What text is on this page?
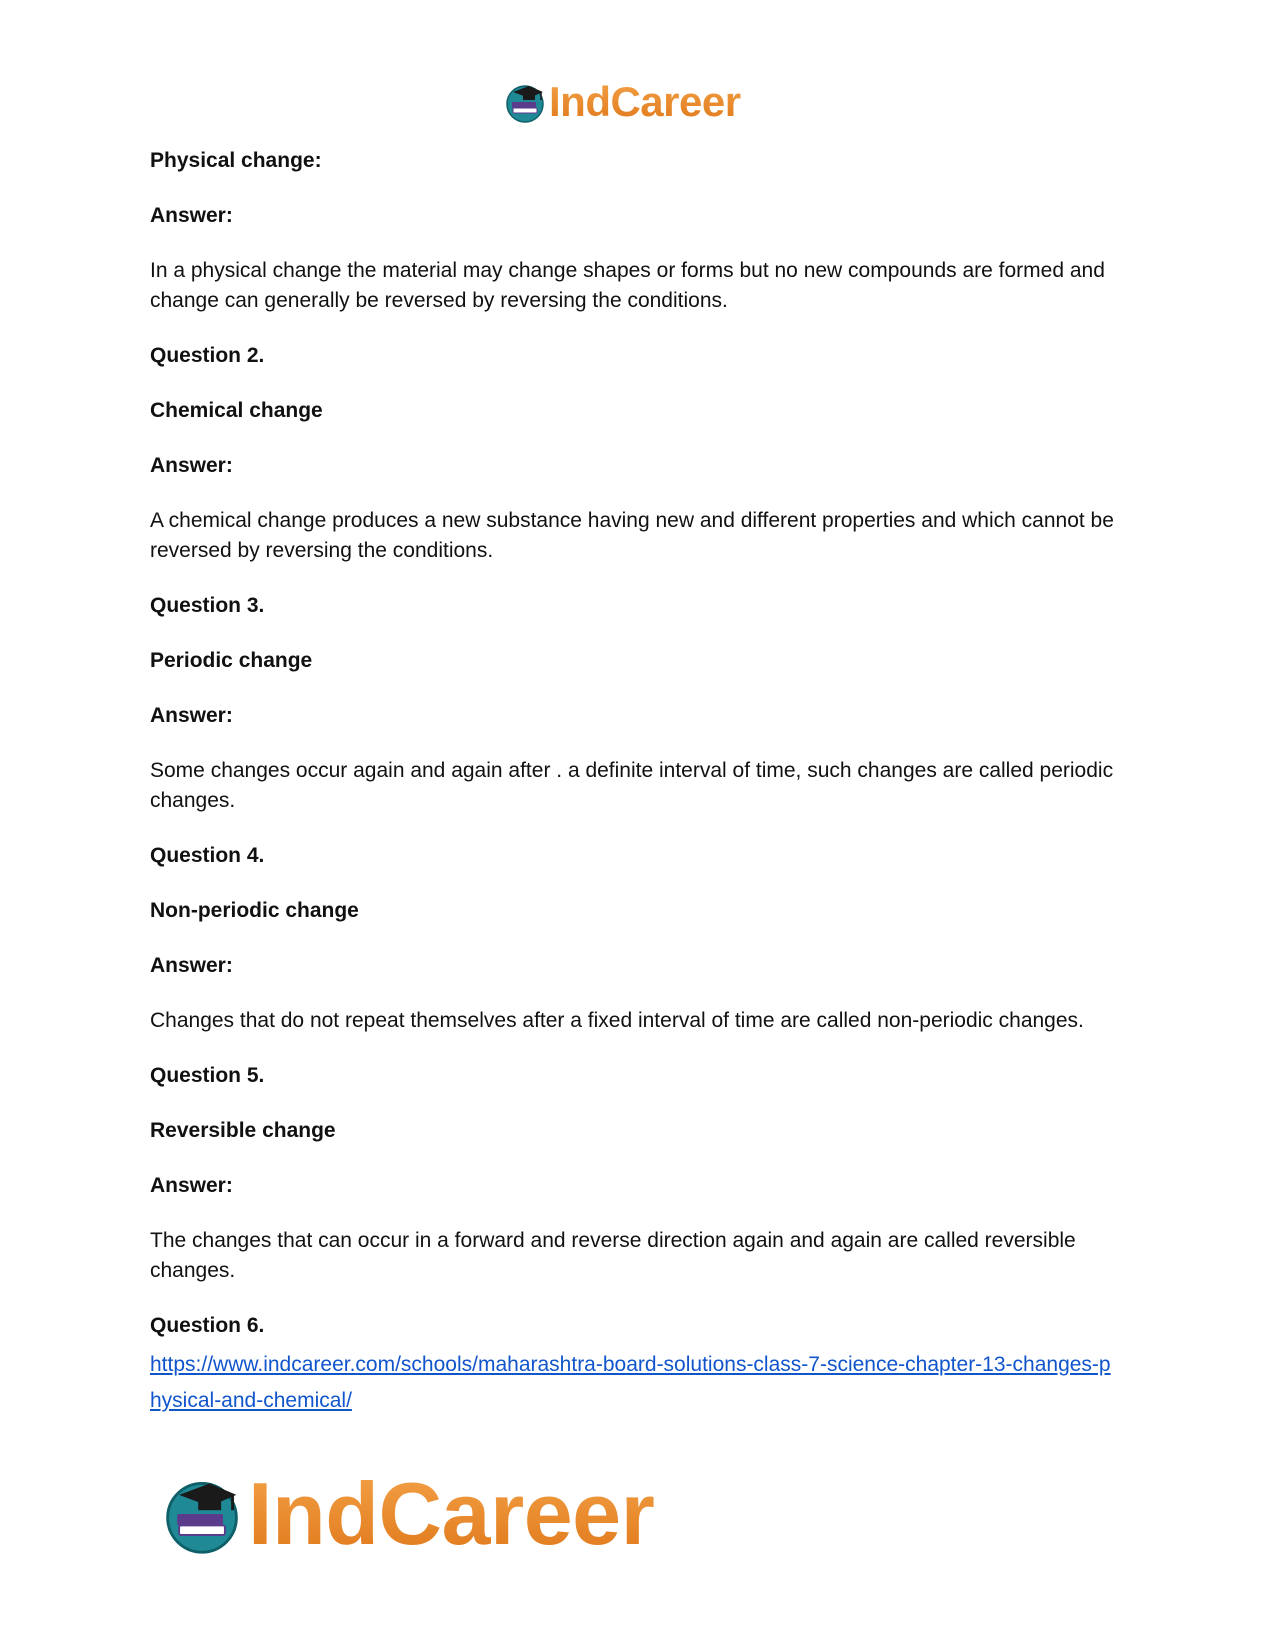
IndCareer

Physical change:

Answer:

In a physical change the material may change shapes or forms but no new compounds are formed and change can generally be reversed by reversing the conditions.

Question 2.

Chemical change

Answer:

A chemical change produces a new substance having new and different properties and which cannot be reversed by reversing the conditions.

Question 3.

Periodic change

Answer:

Some changes occur again and again after . a definite interval of time, such changes are called periodic changes.

Question 4.

Non-periodic change

Answer:

Changes that do not repeat themselves after a fixed interval of time are called non-periodic changes.

Question 5.

Reversible change

Answer:

The changes that can occur in a forward and reverse direction again and again are called reversible changes.

Question 6.

https://www.indcareer.com/schools/maharashtra-board-solutions-class-7-science-chapter-13-changes-physical-and-chemical/
IndCareer
